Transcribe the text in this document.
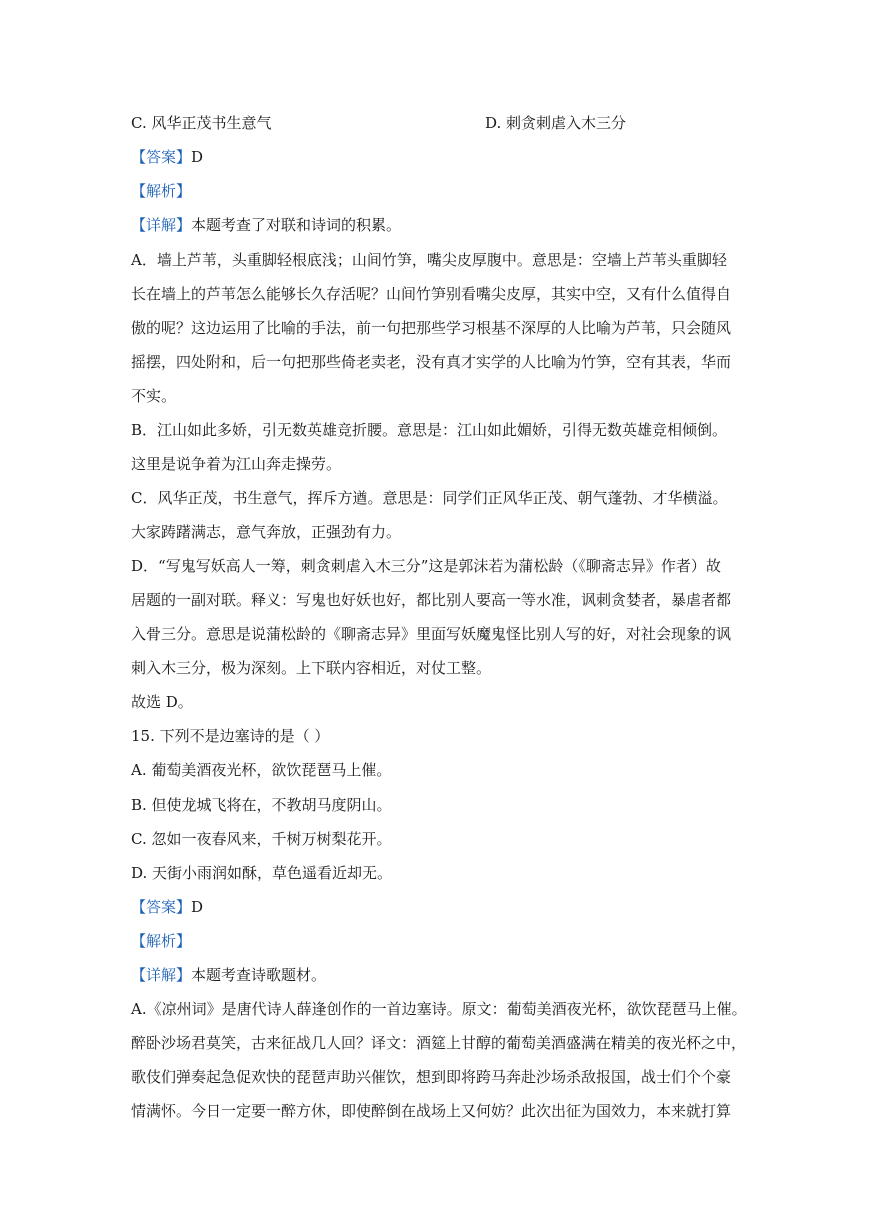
C. 风华正茂书生意气	D. 刺贪刺虐入木三分
【答案】D
【解析】
【详解】本题考查了对联和诗词的积累。
A．墙上芦苇，头重脚轻根底浅；山间竹笋，嘴尖皮厚腹中。意思是：空墙上芦苇头重脚轻
长在墙上的芦苇怎么能够长久存活呢？山间竹笋别看嘴尖皮厚，其实中空，又有什么值得自
傲的呢？这边运用了比喻的手法，前一句把那些学习根基不深厚的人比喻为芦苇，只会随风
摇摆，四处附和，后一句把那些倚老卖老，没有真才实学的人比喻为竹笋，空有其表，华而
不实。
B．江山如此多娇，引无数英雄竞折腰。意思是：江山如此媚娇，引得无数英雄竞相倾倒。
这里是说争着为江山奔走操劳。
C．风华正茂，书生意气，挥斥方遒。意思是：同学们正风华正茂、朝气蓬勃、才华横溢。
大家踌躇满志，意气奔放，正强劲有力。
D．“写鬼写妖高人一筹，刺贪刺虐入木三分”这是郭沫若为蒲松龄（《聊斋志异》作者）故
居题的一副对联。释义：写鬼也好妖也好，都比别人要高一等水准，讽刺贪婪者，暴虐者都
入骨三分。意思是说蒲松龄的《聊斋志异》里面写妖魔鬼怪比别人写的好，对社会现象的讽
刺入木三分，极为深刻。上下联内容相近，对仗工整。
故选 D。
15. 下列不是边塞诗的是（ ）
A. 葡萄美酒夜光杯，欲饮琵琶马上催。
B. 但使龙城飞将在，不教胡马度阴山。
C. 忽如一夜春风来，千树万树梨花开。
D. 天街小雨润如酥，草色遥看近却无。
【答案】D
【解析】
【详解】本题考查诗歌题材。
A.《凉州词》是唐代诗人薛逢创作的一首边塞诗。原文：葡萄美酒夜光杯，欲饮琵琶马上催。
醉卧沙场君莫笑，古来征战几人回？译文：酒筵上甘醇的葡萄美酒盛满在精美的夜光杯之中，
歌伎们弹奏起急促欢快的琵琶声助兴催饮，想到即将跨马奔赴沙场杀敌报国，战士们个个豪
情满怀。今日一定要一醉方休，即使醉倒在战场上又何妨？此次出征为国效力，本来就打算
